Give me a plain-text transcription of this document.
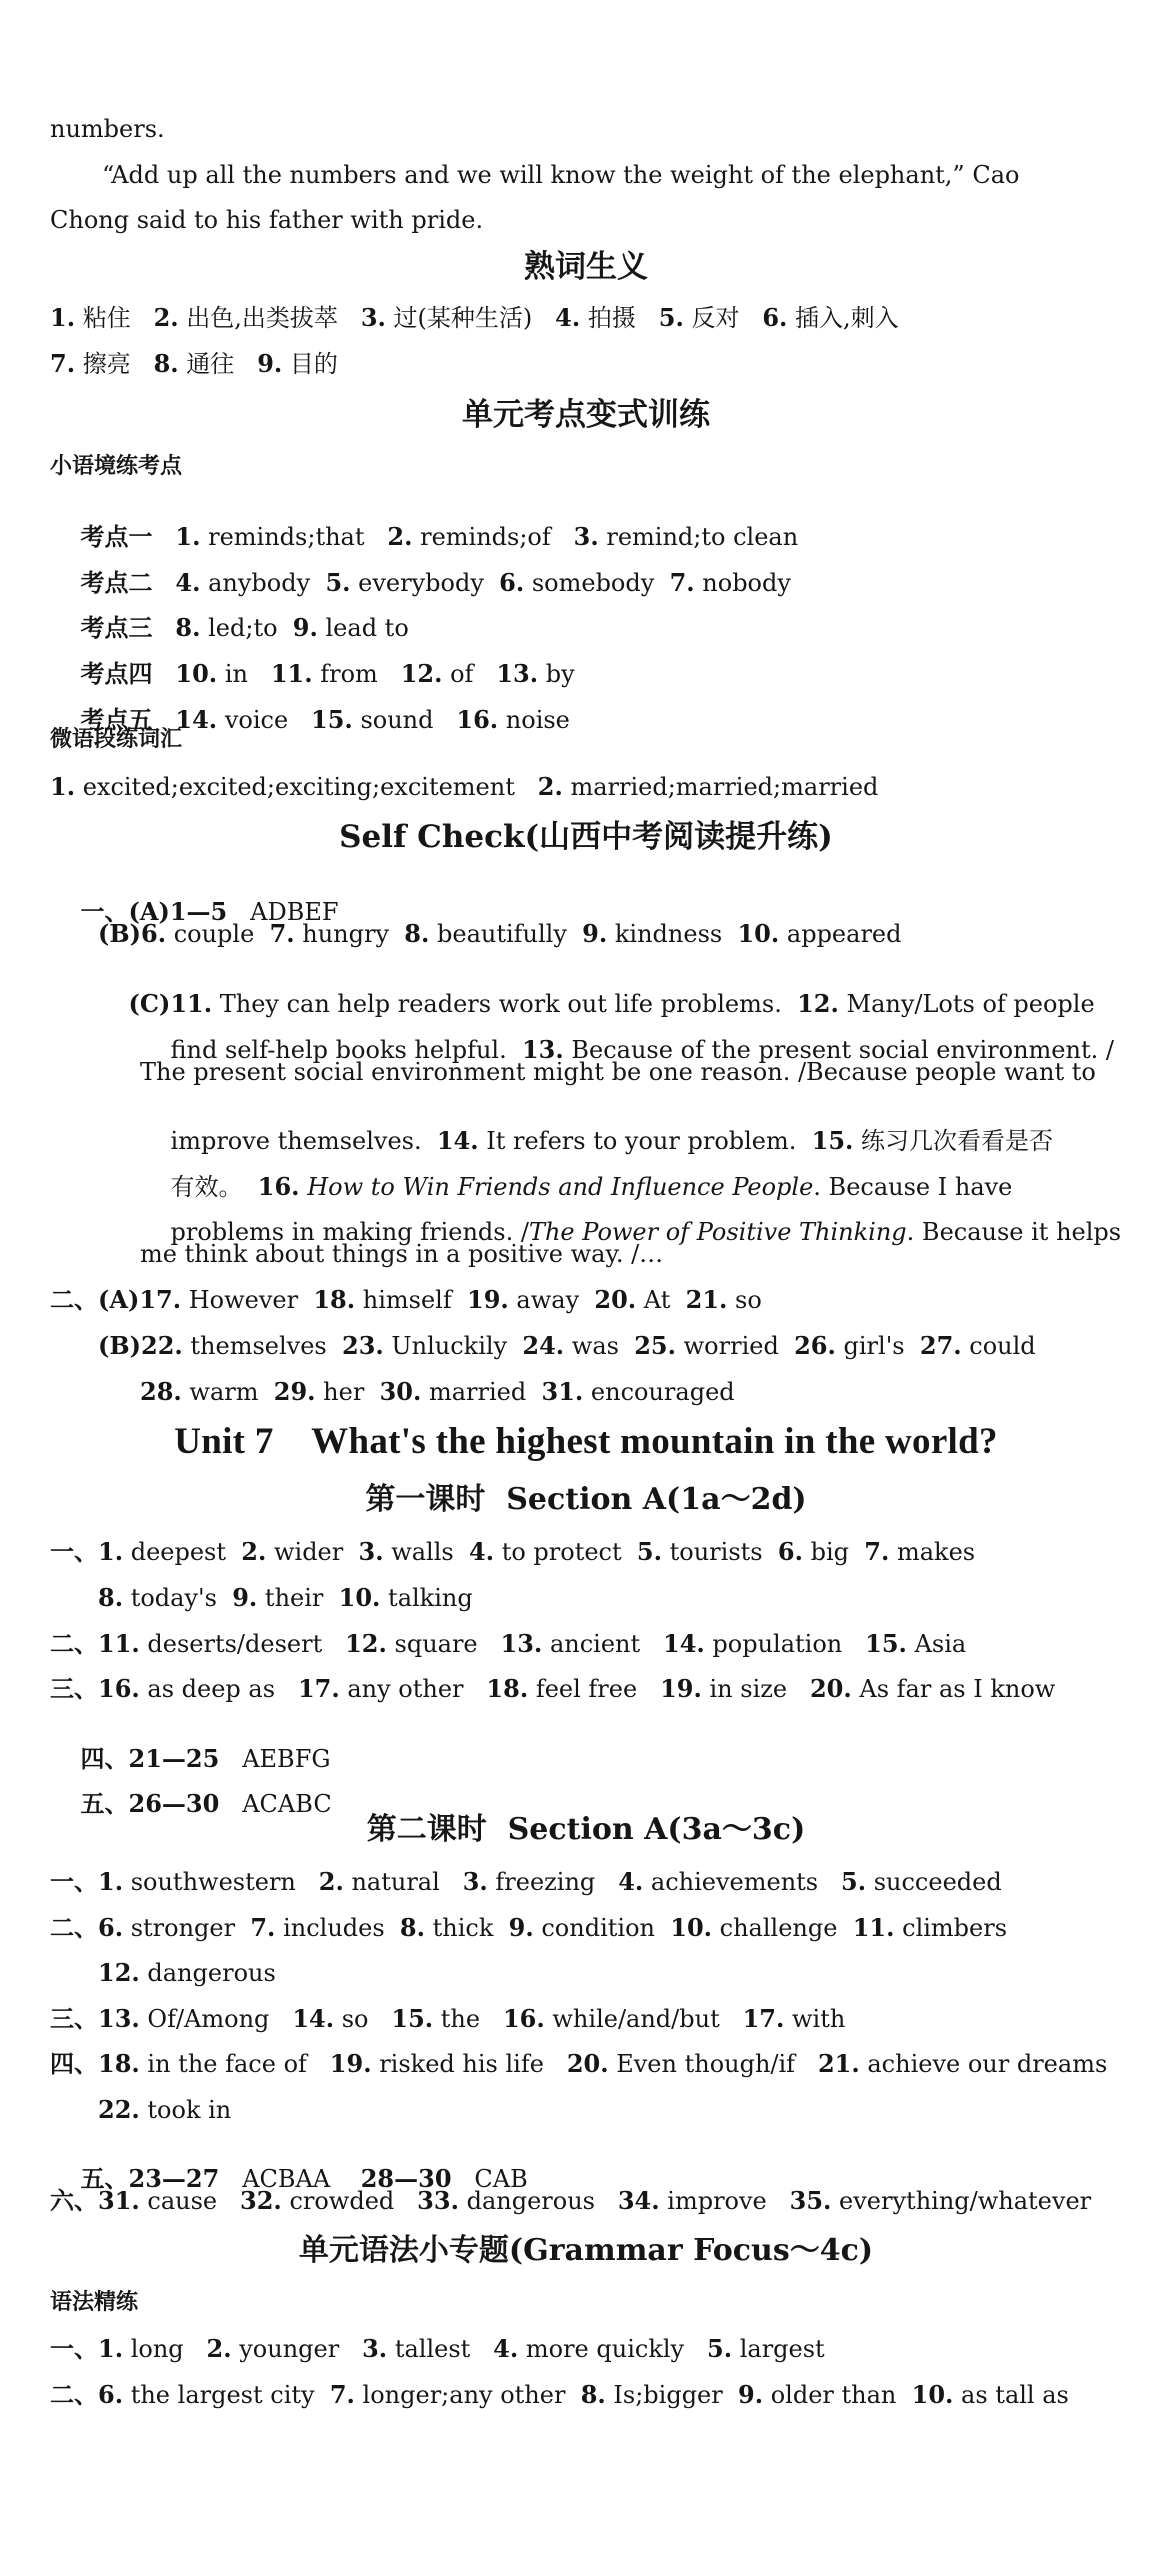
numbers.
“Add up all the numbers and we will know the weight of the elephant,” Cao
Chong said to his father with pride.
熟词生义
1. 粘住 2. 出色,出类拔萃 3. 过(某种生活) 4. 拍摄 5. 反对 6. 插入,刺入
7. 擦亮 8. 通往 9. 目的
单元考点变式训练
小语境练考点

考点一 1. reminds;that 2. reminds;of 3. remind;to clean

考点二 4. anybody 5. everybody 6. somebody 7. nobody

考点三 8. led;to 9. lead to

考点四 10. in 11. from 12. of 13. by

考点五 14. voice 15. sound 16. noise

微语段练词汇
1. excited;excited;exciting;excitement 2. married;married;married
Self Check(山西中考阅读提升练)

一、(A)1—5 ADBEF

(B)6. couple 7. hungry 8. beautifully 9. kindness 10. appeared

(C)11. They can help readers work out life problems.  12. Many/Lots of people

find self-help books helpful.  13. Because of the present social environment. /

The present social environment might be one reason. /Because people want to

improve themselves.  14. It refers to your problem.  15. 练习几次看看是否

有效。  16. How to Win Friends and Influence People. Because I have

problems in making friends. /The Power of Positive Thinking. Because it helps

me think about things in a positive way. /…
二、(A)17. However 18. himself 19. away 20. At 21. so
(B)22. themselves 23. Unluckily 24. was 25. worried 26. girl's 27. could
28. warm 29. her 30. married 31. encouraged
Unit 7    What's the highest mountain in the world?
第一课时  Section A(1a～2d)
一、1. deepest 2. wider 3. walls 4. to protect 5. tourists 6. big 7. makes
8. today's 9. their 10. talking
二、11. deserts/desert 12. square 13. ancient 14. population 15. Asia
三、16. as deep as 17. any other 18. feel free 19. in size 20. As far as I know

四、21—25 AEBFG

五、26—30 ACABC

第二课时  Section A(3a～3c)
一、1. southwestern 2. natural 3. freezing 4. achievements 5. succeeded
二、6. stronger 7. includes 8. thick 9. condition 10. challenge 11. climbers
12. dangerous
三、13. Of/Among 14. so 15. the 16. while/and/but 17. with
四、18. in the face of 19. risked his life 20. Even though/if 21. achieve our dreams
22. took in

五、23—27 ACBAA 28—30 CAB

六、31. cause 32. crowded 33. dangerous 34. improve 35. everything/whatever
单元语法小专题(Grammar Focus～4c)
语法精练
一、1. long 2. younger 3. tallest 4. more quickly 5. largest
二、6. the largest city 7. longer;any other 8. Is;bigger 9. older than 10. as tall as
